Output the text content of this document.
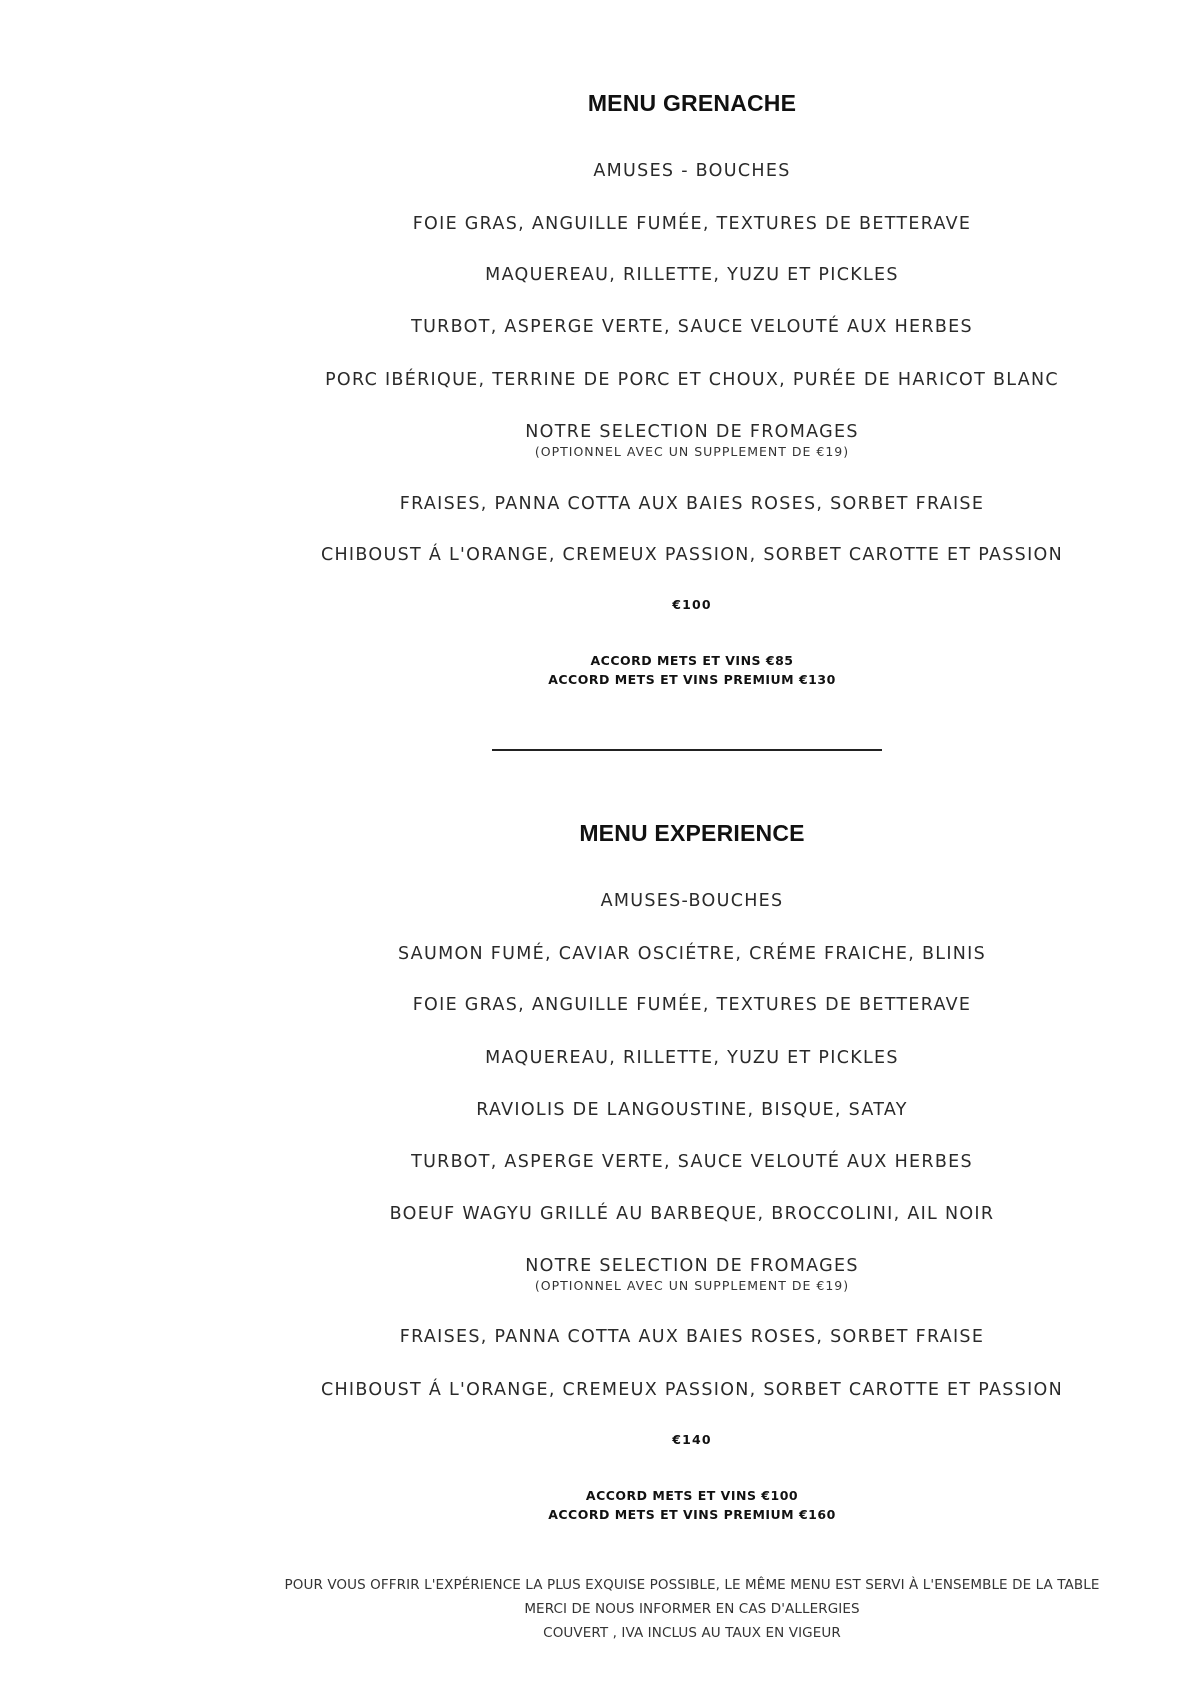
MENU GRENACHE

AMUSES - BOUCHES

FOIE GRAS, ANGUILLE FUMÉE, TEXTURES DE BETTERAVE

MAQUEREAU, RILLETTE, YUZU ET PICKLES

TURBOT, ASPERGE VERTE, SAUCE VELOUTÉ AUX HERBES

PORC IBÉRIQUE, TERRINE DE PORC ET CHOUX, PURÉE DE HARICOT BLANC

NOTRE SELECTION DE FROMAGES

(OPTIONNEL AVEC UN SUPPLEMENT DE €19)

FRAISES, PANNA COTTA AUX BAIES ROSES, SORBET FRAISE

CHIBOUST Á L'ORANGE, CREMEUX PASSION, SORBET CAROTTE ET PASSION

€100

ACCORD METS ET VINS €85

ACCORD METS ET VINS PREMIUM €130

MENU EXPERIENCE

AMUSES-BOUCHES

SAUMON FUMÉ, CAVIAR OSCIÉTRE, CRÉME FRAICHE, BLINIS

FOIE GRAS, ANGUILLE FUMÉE, TEXTURES DE BETTERAVE

MAQUEREAU, RILLETTE, YUZU ET PICKLES

RAVIOLIS DE LANGOUSTINE, BISQUE, SATAY

TURBOT, ASPERGE VERTE, SAUCE VELOUTÉ AUX HERBES

BOEUF WAGYU GRILLÉ AU BARBEQUE, BROCCOLINI, AIL NOIR

NOTRE SELECTION DE FROMAGES

(OPTIONNEL AVEC UN SUPPLEMENT DE €19)

FRAISES, PANNA COTTA AUX BAIES ROSES, SORBET FRAISE

CHIBOUST Á L'ORANGE, CREMEUX PASSION, SORBET CAROTTE ET PASSION

€140

ACCORD METS ET VINS €100

ACCORD METS ET VINS PREMIUM €160

POUR VOUS OFFRIR L'EXPÉRIENCE LA PLUS EXQUISE POSSIBLE, LE MÊME MENU EST SERVI À L'ENSEMBLE DE LA TABLE

MERCI DE NOUS INFORMER EN CAS D'ALLERGIES

COUVERT , IVA INCLUS AU TAUX EN VIGEUR
